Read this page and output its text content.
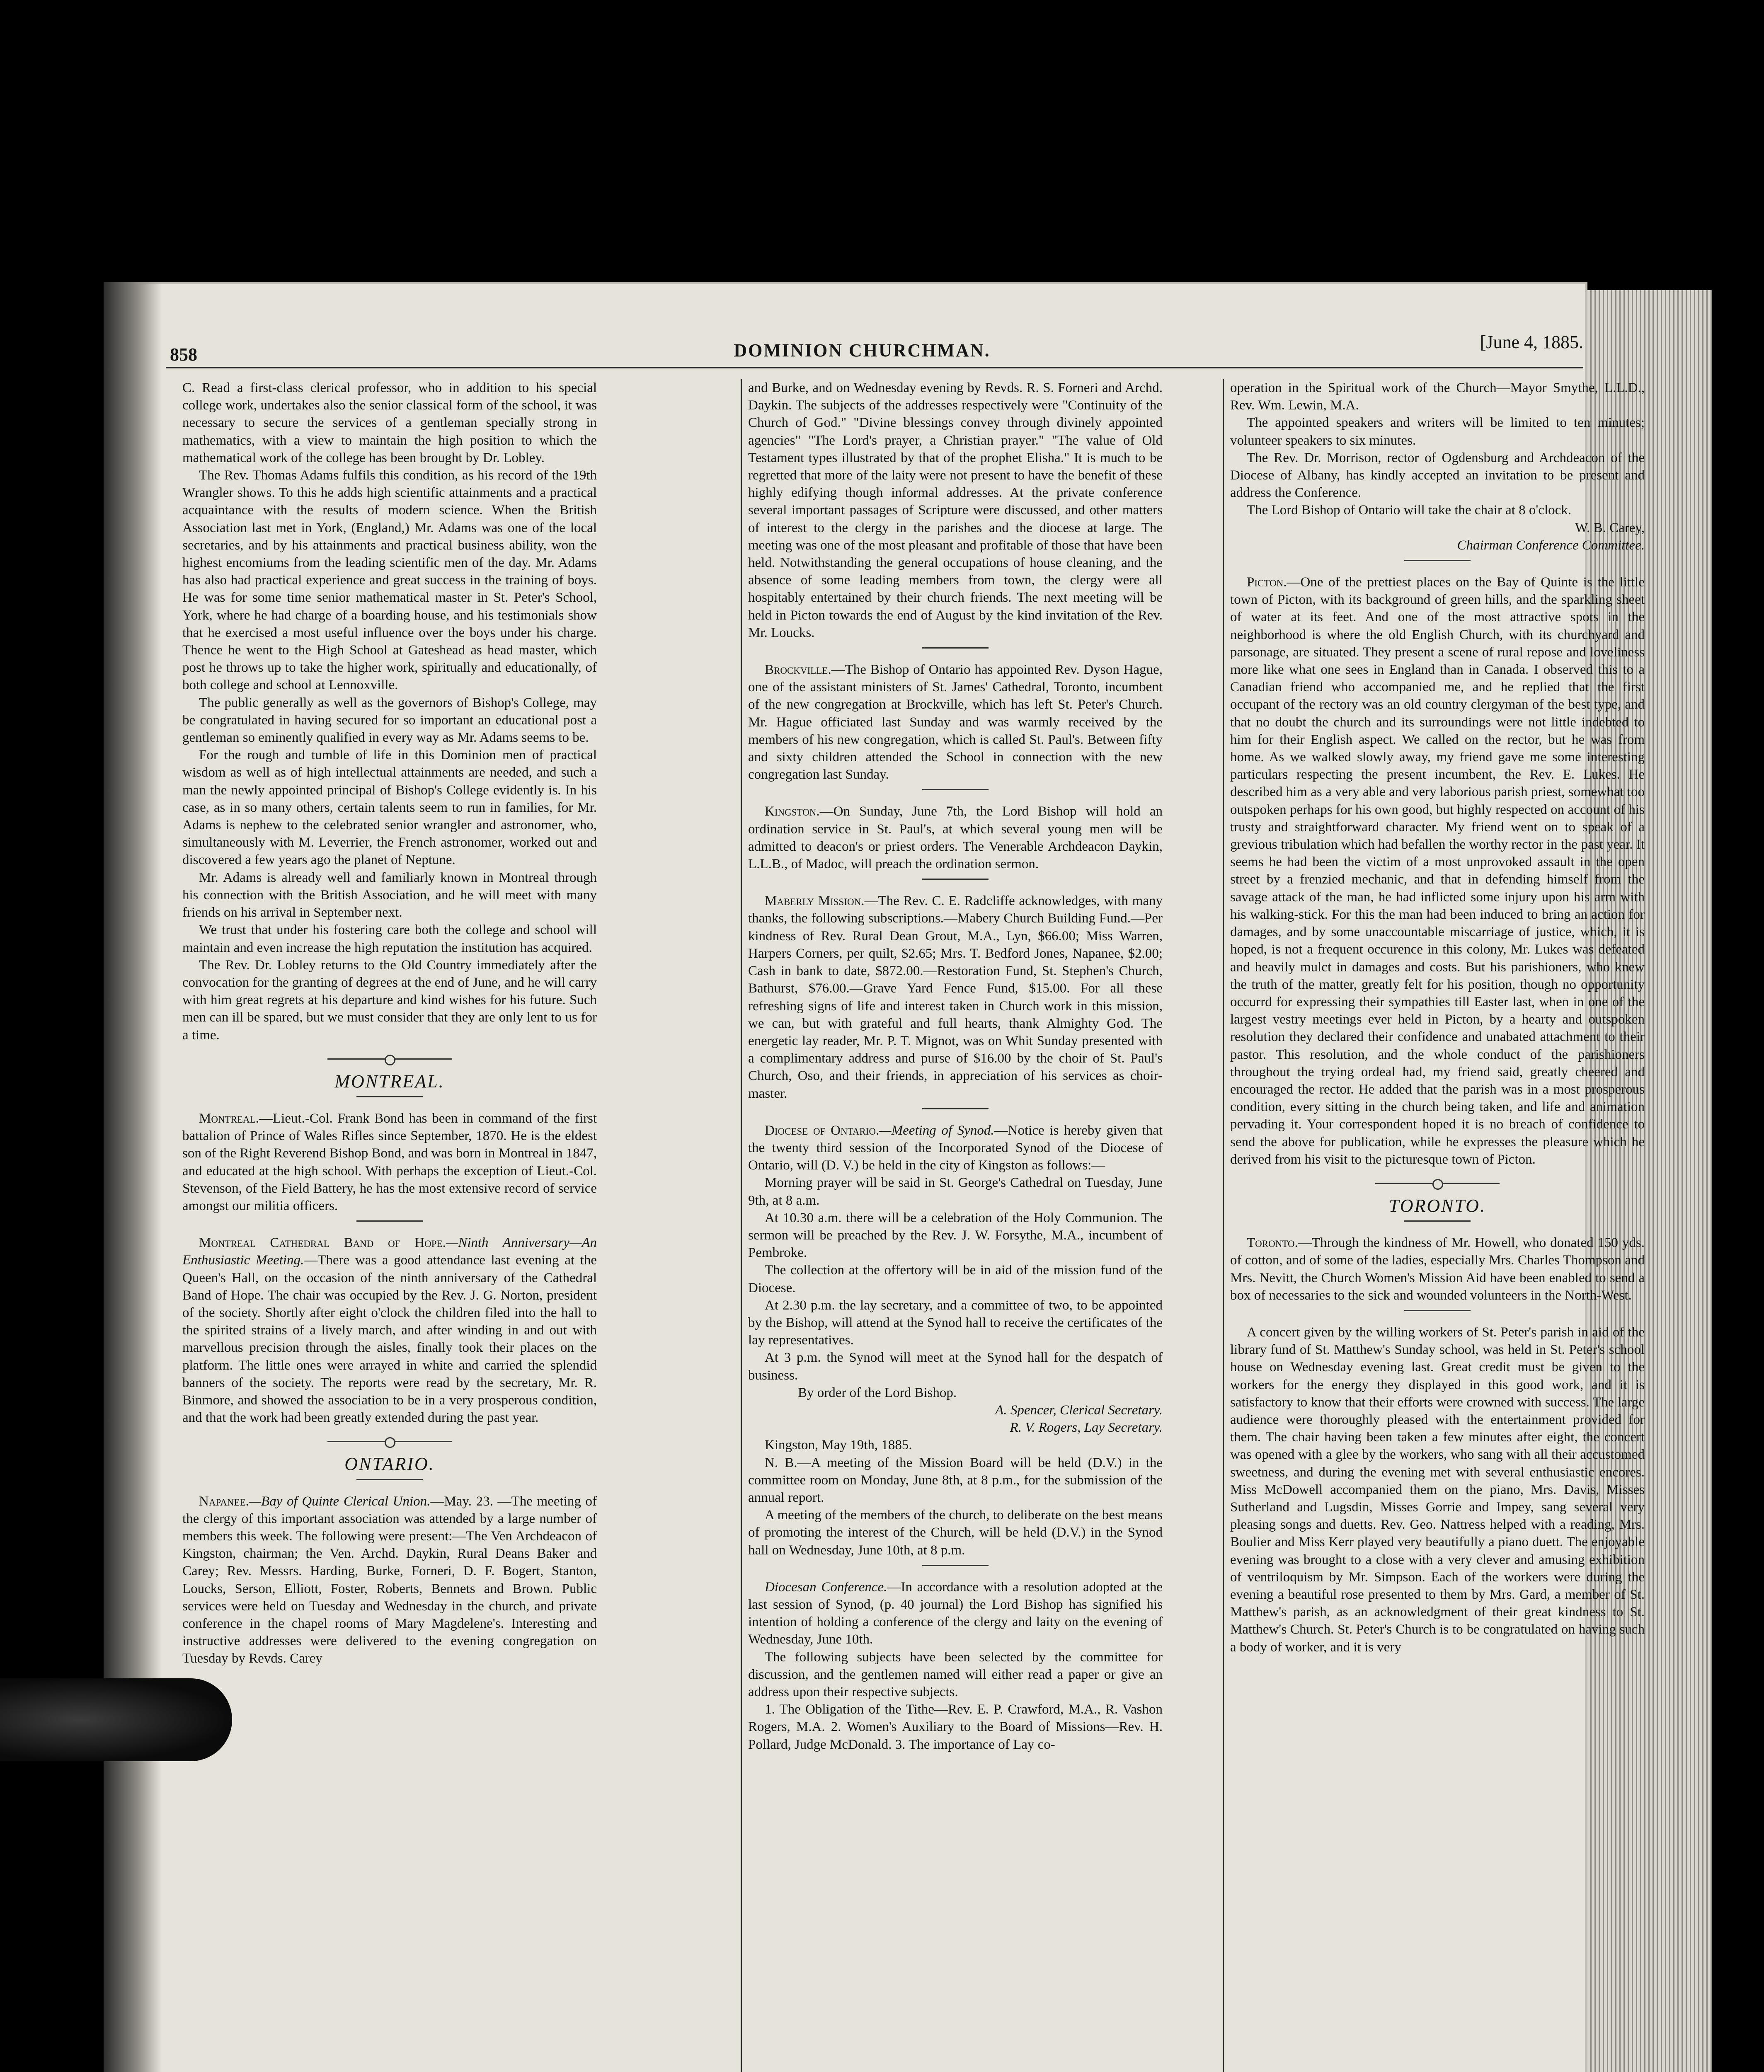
858	DOMINION CHURCHMAN.	[June 4, 1885.

C. Read a first-class clerical professor, who in addition to his special college work, undertakes also the senior classical form of the school, it was necessary to secure the services of a gentleman specially strong in mathematics, with a view to maintain the high position to which the mathematical work of the college has been brought by Dr. Lobley.

The Rev. Thomas Adams fulfils this condition, as his record of the 19th Wrangler shows. To this he adds high scientific attainments and a practical acquaintance with the results of modern science. When the British Association last met in York, (England,) Mr. Adams was one of the local secretaries, and by his attainments and practical business ability, won the highest encomiums from the leading scientific men of the day. Mr. Adams has also had practical experience and great success in the training of boys. He was for some time senior mathematical master in St. Peter's School, York, where he had charge of a boarding house, and his testimonials show that he exercised a most useful influence over the boys under his charge. Thence he went to the High School at Gateshead as head master, which post he throws up to take the higher work, spiritually and educationally, of both college and school at Lennoxville.

The public generally as well as the governors of Bishop's College, may be congratulated in having secured for so important an educational post a gentleman so eminently qualified in every way as Mr. Adams seems to be.

For the rough and tumble of life in this Dominion men of practical wisdom as well as of high intellectual attainments are needed, and such a man the newly appointed principal of Bishop's College evidently is. In his case, as in so many others, certain talents seem to run in families, for Mr. Adams is nephew to the celebrated senior wrangler and astronomer, who, simultaneously with M. Leverrier, the French astronomer, worked out and discovered a few years ago the planet of Neptune.

Mr. Adams is already well and familiarly known in Montreal through his connection with the British Association, and he will meet with many friends on his arrival in September next.

We trust that under his fostering care both the college and school will maintain and even increase the high reputation the institution has acquired.

The Rev. Dr. Lobley returns to the Old Country immediately after the convocation for the granting of degrees at the end of June, and he will carry with him great regrets at his departure and kind wishes for his future. Such men can ill be spared, but we must consider that they are only lent to us for a time.

MONTREAL.

Montreal.—Lieut.-Col. Frank Bond has been in command of the first battalion of Prince of Wales Rifles since September, 1870. He is the eldest son of the Right Reverend Bishop Bond, and was born in Montreal in 1847, and educated at the high school. With perhaps the exception of Lieut.-Col. Stevenson, of the Field Battery, he has the most extensive record of service amongst our militia officers.

Montreal Cathedral Band of Hope.—Ninth Anniversary—An Enthusiastic Meeting.—There was a good attendance last evening at the Queen's Hall, on the occasion of the ninth anniversary of the Cathedral Band of Hope. The chair was occupied by the Rev. J. G. Norton, president of the society. Shortly after eight o'clock the children filed into the hall to the spirited strains of a lively march, and after winding in and out with marvellous precision through the aisles, finally took their places on the platform. The little ones were arrayed in white and carried the splendid banners of the society. The reports were read by the secretary, Mr. R. Binmore, and showed the association to be in a very prosperous condition, and that the work had been greatly extended during the past year.

ONTARIO.

Napanee.—Bay of Quinte Clerical Union.—May. 23. —The meeting of the clergy of this important association was attended by a large number of members this week. The following were present:—The Ven Archdeacon of Kingston, chairman; the Ven. Archd. Daykin, Rural Deans Baker and Carey; Rev. Messrs. Harding, Burke, Forneri, D. F. Bogert, Stanton, Loucks, Serson, Elliott, Foster, Roberts, Bennets and Brown. Public services were held on Tuesday and Wednesday in the church, and private conference in the chapel rooms of Mary Magdelene's. Interesting and instructive addresses were delivered to the evening congregation on Tuesday by Revds. Carey

and Burke, and on Wednesday evening by Revds. R. S. Forneri and Archd. Daykin. The subjects of the addresses respectively were "Continuity of the Church of God." "Divine blessings convey through divinely appointed agencies" "The Lord's prayer, a Christian prayer." "The value of Old Testament types illustrated by that of the prophet Elisha." It is much to be regretted that more of the laity were not present to have the benefit of these highly edifying though informal addresses. At the private conference several important passages of Scripture were discussed, and other matters of interest to the clergy in the parishes and the diocese at large. The meeting was one of the most pleasant and profitable of those that have been held. Notwithstanding the general occupations of house cleaning, and the absence of some leading members from town, the clergy were all hospitably entertained by their church friends. The next meeting will be held in Picton towards the end of August by the kind invitation of the Rev. Mr. Loucks.

Brockville.—The Bishop of Ontario has appointed Rev. Dyson Hague, one of the assistant ministers of St. James' Cathedral, Toronto, incumbent of the new congregation at Brockville, which has left St. Peter's Church. Mr. Hague officiated last Sunday and was warmly received by the members of his new congregation, which is called St. Paul's. Between fifty and sixty children attended the School in connection with the new congregation last Sunday.

Kingston.—On Sunday, June 7th, the Lord Bishop will hold an ordination service in St. Paul's, at which several young men will be admitted to deacon's or priest orders. The Venerable Archdeacon Daykin, L.L.B., of Madoc, will preach the ordination sermon.

Maberly Mission.—The Rev. C. E. Radcliffe acknowledges, with many thanks, the following subscriptions.—Mabery Church Building Fund.—Per kindness of Rev. Rural Dean Grout, M.A., Lyn, $66.00; Miss Warren, Harpers Corners, per quilt, $2.65; Mrs. T. Bedford Jones, Napanee, $2.00; Cash in bank to date, $872.00.—Restoration Fund, St. Stephen's Church, Bathurst, $76.00.—Grave Yard Fence Fund, $15.00. For all these refreshing signs of life and interest taken in Church work in this mission, we can, but with grateful and full hearts, thank Almighty God. The energetic lay reader, Mr. P. T. Mignot, was on Whit Sunday presented with a complimentary address and purse of $16.00 by the choir of St. Paul's Church, Oso, and their friends, in appreciation of his services as choir-master.

Diocese of Ontario.—Meeting of Synod.—Notice is hereby given that the twenty third session of the Incorporated Synod of the Diocese of Ontario, will (D. V.) be held in the city of Kingston as follows:—

Morning prayer will be said in St. George's Cathedral on Tuesday, June 9th, at 8 a.m.

At 10.30 a.m. there will be a celebration of the Holy Communion. The sermon will be preached by the Rev. J. W. Forsythe, M.A., incumbent of Pembroke.

The collection at the offertory will be in aid of the mission fund of the Diocese.

At 2.30 p.m. the lay secretary, and a committee of two, to be appointed by the Bishop, will attend at the Synod hall to receive the certificates of the lay representatives.

At 3 p.m. the Synod will meet at the Synod hall for the despatch of business.

By order of the Lord Bishop.

A. Spencer, Clerical Secretary.

R. V. Rogers, Lay Secretary.

Kingston, May 19th, 1885.

N. B.—A meeting of the Mission Board will be held (D.V.) in the committee room on Monday, June 8th, at 8 p.m., for the submission of the annual report.

A meeting of the members of the church, to deliberate on the best means of promoting the interest of the Church, will be held (D.V.) in the Synod hall on Wednesday, June 10th, at 8 p.m.

Diocesan Conference.—In accordance with a resolution adopted at the last session of Synod, (p. 40 journal) the Lord Bishop has signified his intention of holding a conference of the clergy and laity on the evening of Wednesday, June 10th.

The following subjects have been selected by the committee for discussion, and the gentlemen named will either read a paper or give an address upon their respective subjects.

1. The Obligation of the Tithe—Rev. E. P. Crawford, M.A., R. Vashon Rogers, M.A. 2. Women's Auxiliary to the Board of Missions—Rev. H. Pollard, Judge McDonald. 3. The importance of Lay co-

operation in the Spiritual work of the Church—Mayor Smythe, L.L.D., Rev. Wm. Lewin, M.A.

The appointed speakers and writers will be limited to ten minutes; volunteer speakers to six minutes.

The Rev. Dr. Morrison, rector of Ogdensburg and Archdeacon of the Diocese of Albany, has kindly accepted an invitation to be present and address the Conference.

The Lord Bishop of Ontario will take the chair at 8 o'clock.

W. B. Carey,

Chairman Conference Committee.

Picton.—One of the prettiest places on the Bay of Quinte is the little town of Picton, with its background of green hills, and the sparkling sheet of water at its feet. And one of the most attractive spots in the neighborhood is where the old English Church, with its churchyard and parsonage, are situated. They present a scene of rural repose and loveliness more like what one sees in England than in Canada. I observed this to a Canadian friend who accompanied me, and he replied that the first occupant of the rectory was an old country clergyman of the best type, and that no doubt the church and its surroundings were not little indebted to him for their English aspect. We called on the rector, but he was from home. As we walked slowly away, my friend gave me some interesting particulars respecting the present incumbent, the Rev. E. Lukes. He described him as a very able and very laborious parish priest, somewhat too outspoken perhaps for his own good, but highly respected on account of his trusty and straightforward character. My friend went on to speak of a grevious tribulation which had befallen the worthy rector in the past year. It seems he had been the victim of a most unprovoked assault in the open street by a frenzied mechanic, and that in defending himself from the savage attack of the man, he had inflicted some injury upon his arm with his walking-stick. For this the man had been induced to bring an action for damages, and by some unaccountable miscarriage of justice, which, it is hoped, is not a frequent occurence in this colony, Mr. Lukes was defeated and heavily mulct in damages and costs. But his parishioners, who knew the truth of the matter, greatly felt for his position, though no opportunity occurrd for expressing their sympathies till Easter last, when in one of the largest vestry meetings ever held in Picton, by a hearty and outspoken resolution they declared their confidence and unabated attachment to their pastor. This resolution, and the whole conduct of the parishioners throughout the trying ordeal had, my friend said, greatly cheered and encouraged the rector. He added that the parish was in a most prosperous condition, every sitting in the church being taken, and life and animation pervading it. Your correspondent hoped it is no breach of confidence to send the above for publication, while he expresses the pleasure which he derived from his visit to the picturesque town of Picton.

TORONTO.

Toronto.—Through the kindness of Mr. Howell, who donated 150 yds. of cotton, and of some of the ladies, especially Mrs. Charles Thompson and Mrs. Nevitt, the Church Women's Mission Aid have been enabled to send a box of necessaries to the sick and wounded volunteers in the North-West.

A concert given by the willing workers of St. Peter's parish in aid of the library fund of St. Matthew's Sunday school, was held in St. Peter's school house on Wednesday evening last. Great credit must be given to the workers for the energy they displayed in this good work, and it is satisfactory to know that their efforts were crowned with success. The large audience were thoroughly pleased with the entertainment provided for them. The chair having been taken a few minutes after eight, the concert was opened with a glee by the workers, who sang with all their accustomed sweetness, and during the evening met with several enthusiastic encores. Miss McDowell accompanied them on the piano, Mrs. Davis, Misses Sutherland and Lugsdin, Misses Gorrie and Impey, sang several very pleasing songs and duetts. Rev. Geo. Nattress helped with a reading, Mrs. Boulier and Miss Kerr played very beautifully a piano duett. The enjoyable evening was brought to a close with a very clever and amusing exhibition of ventriloquism by Mr. Simpson. Each of the workers were during the evening a beautiful rose presented to them by Mrs. Gard, a member of St. Matthew's parish, as an acknowledgment of their great kindness to St. Matthew's Church. St. Peter's Church is to be congratulated on having such a body of worker, and it is very
